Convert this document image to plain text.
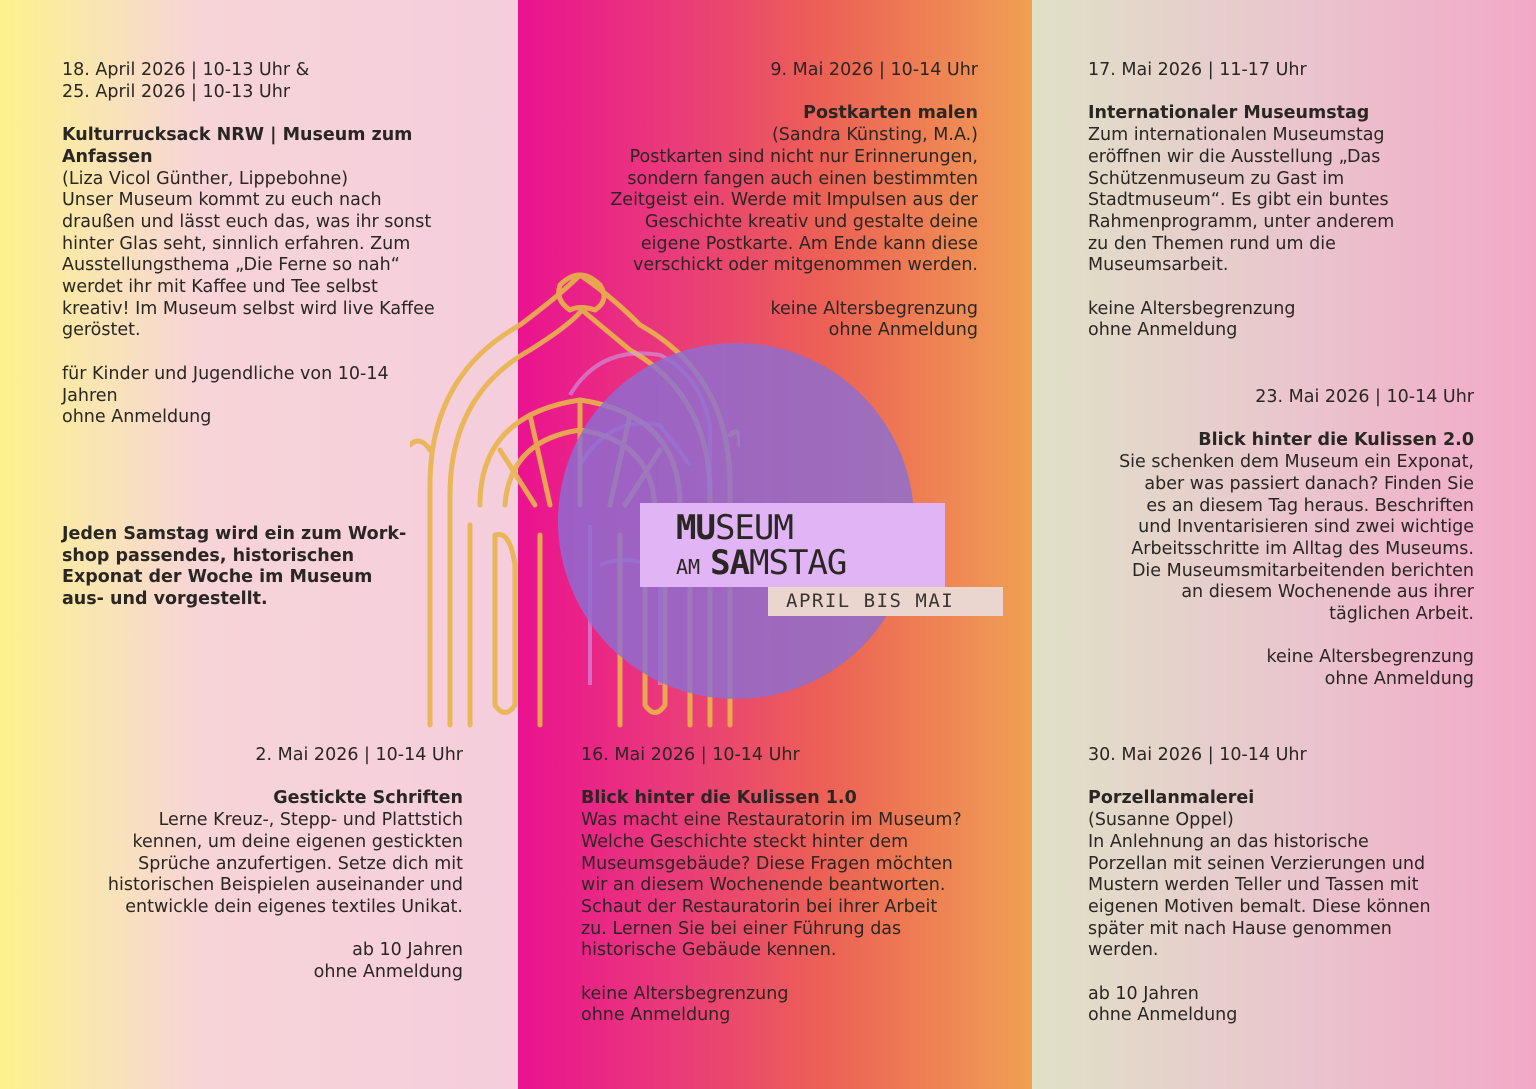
MUSEUM
AM SAMSTAG
APRIL BIS MAI

18. April 2026 | 10-13 Uhr &

25. April 2026 | 10-13 Uhr

Kulturrucksack NRW | Museum zum

Anfassen

(Liza Vicol Günther, Lippebohne)

Unser Museum kommt zu euch nach

draußen und lässt euch das, was ihr sonst

hinter Glas seht, sinnlich erfahren. Zum

Ausstellungsthema „Die Ferne so nah“

werdet ihr mit Kaffee und Tee selbst

kreativ! Im Museum selbst wird live Kaffee

geröstet.

für Kinder und Jugendliche von 10-14

Jahren

ohne Anmeldung

Jeden Samstag wird ein zum Work-

shop passendes, historischen

Exponat der Woche im Museum

aus- und vorgestellt.

2. Mai 2026 | 10-14 Uhr

Gestickte Schriften

Lerne Kreuz-, Stepp- und Plattstich

kennen, um deine eigenen gestickten

Sprüche anzufertigen. Setze dich mit

historischen Beispielen auseinander und

entwickle dein eigenes textiles Unikat.

ab 10 Jahren

ohne Anmeldung

9. Mai 2026 | 10-14 Uhr

Postkarten malen

(Sandra Künsting, M.A.)

Postkarten sind nicht nur Erinnerungen,

sondern fangen auch einen bestimmten

Zeitgeist ein. Werde mit Impulsen aus der

Geschichte kreativ und gestalte deine

eigene Postkarte. Am Ende kann diese

verschickt oder mitgenommen werden.

keine Altersbegrenzung

ohne Anmeldung

16. Mai 2026 | 10-14 Uhr

Blick hinter die Kulissen 1.0

Was macht eine Restauratorin im Museum?

Welche Geschichte steckt hinter dem

Museumsgebäude? Diese Fragen möchten

wir an diesem Wochenende beantworten.

Schaut der Restauratorin bei ihrer Arbeit

zu. Lernen Sie bei einer Führung das

historische Gebäude kennen.

keine Altersbegrenzung

ohne Anmeldung

17. Mai 2026 | 11-17 Uhr

Internationaler Museumstag

Zum internationalen Museumstag

eröffnen wir die Ausstellung „Das

Schützenmuseum zu Gast im

Stadtmuseum“. Es gibt ein buntes

Rahmenprogramm, unter anderem

zu den Themen rund um die

Museumsarbeit.

keine Altersbegrenzung

ohne Anmeldung

23. Mai 2026 | 10-14 Uhr

Blick hinter die Kulissen 2.0

Sie schenken dem Museum ein Exponat,

aber was passiert danach? Finden Sie

es an diesem Tag heraus. Beschriften

und Inventarisieren sind zwei wichtige

Arbeitsschritte im Alltag des Museums.

Die Museumsmitarbeitenden berichten

an diesem Wochenende aus ihrer

täglichen Arbeit.

keine Altersbegrenzung

ohne Anmeldung

30. Mai 2026 | 10-14 Uhr

Porzellanmalerei

(Susanne Oppel)

In Anlehnung an das historische

Porzellan mit seinen Verzierungen und

Mustern werden Teller und Tassen mit

eigenen Motiven bemalt. Diese können

später mit nach Hause genommen

werden.

ab 10 Jahren

ohne Anmeldung
